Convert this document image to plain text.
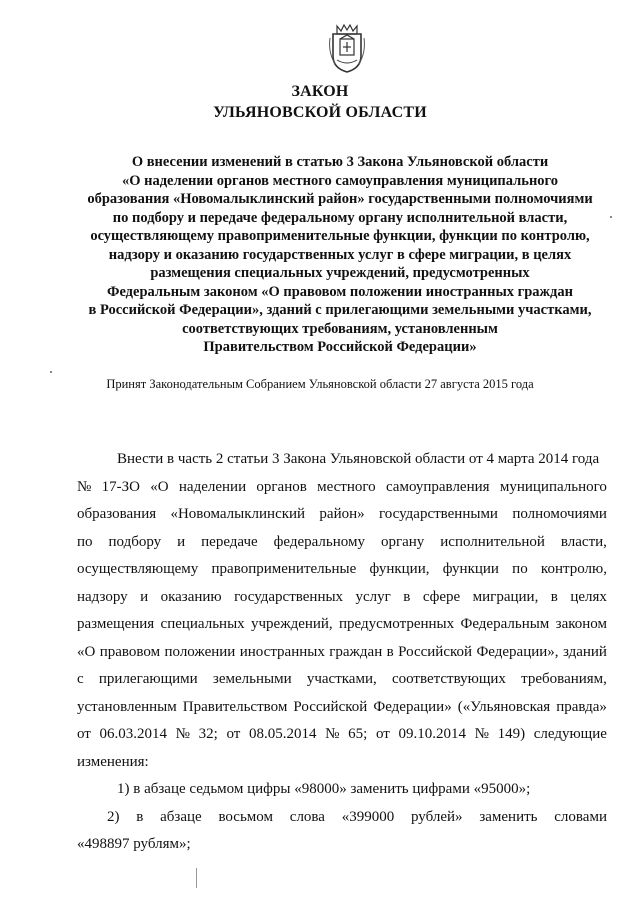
ЗАКОН
УЛЬЯНОВСКОЙ ОБЛАСТИ
О внесении изменений в статью 3 Закона Ульяновской области
«О наделении органов местного самоуправления муниципального
образования «Новомалыклинский район» государственными полномочиями
по подбору и передаче федеральному органу исполнительной власти,
осуществляющему правоприменительные функции, функции по контролю,
надзору и оказанию государственных услуг в сфере миграции, в целях
размещения специальных учреждений, предусмотренных
Федеральным законом «О правовом положении иностранных граждан
в Российской Федерации», зданий с прилегающими земельными участками,
соответствующих требованиям, установленным
Правительством Российской Федерации»
Принят Законодательным Собранием Ульяновской области 27 августа 2015 года
Внести в часть 2 статьи 3 Закона Ульяновской области от 4 марта 2014 года
№ 17-ЗО «О наделении органов местного самоуправления муниципального
образования «Новомалыклинский район» государственными полномочиями
по подбору и передаче федеральному органу исполнительной власти,
осуществляющему правоприменительные функции, функции по контролю,
надзору и оказанию государственных услуг в сфере миграции, в целях
размещения специальных учреждений, предусмотренных Федеральным законом
«О правовом положении иностранных граждан в Российской Федерации», зданий
с прилегающими земельными участками, соответствующих требованиям,
установленным Правительством Российской Федерации» («Ульяновская правда»
от 06.03.2014 № 32; от 08.05.2014 № 65; от 09.10.2014 № 149) следующие
изменения:
1) в абзаце седьмом цифры «98000» заменить цифрами «95000»;
2) в абзаце восьмом слова «399000 рублей» заменить словами
«498897 рублям»;
